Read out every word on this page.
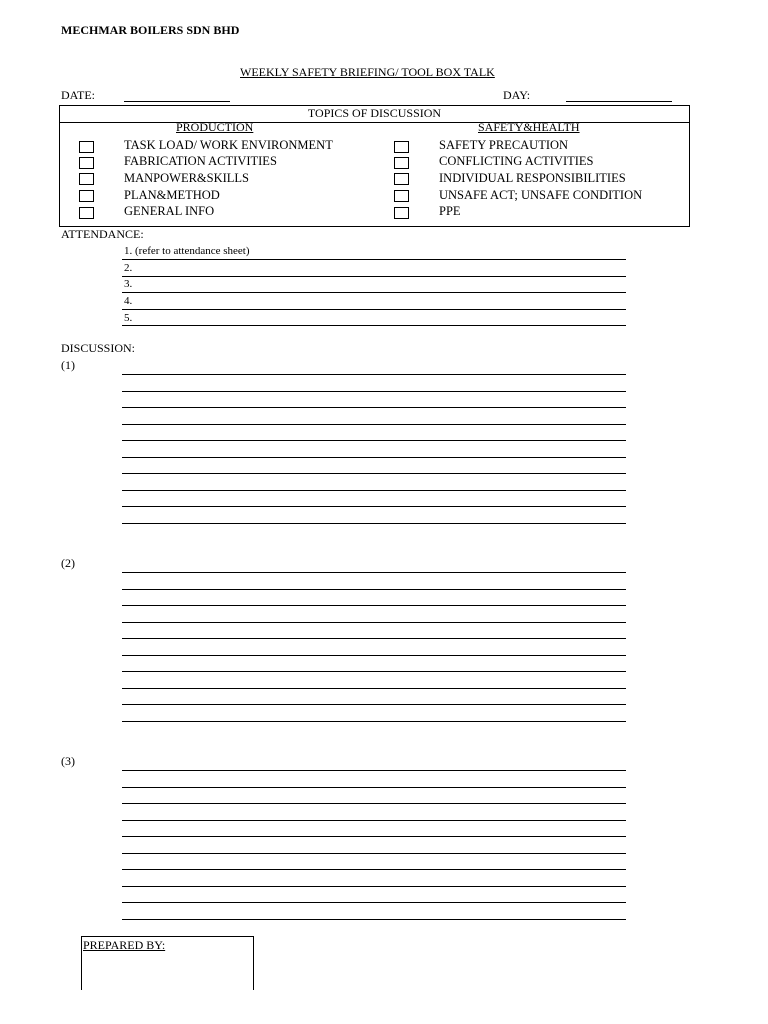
MECHMAR BOILERS SDN BHD
WEEKLY SAFETY BRIEFING/ TOOL BOX TALK
DATE:	DAY:
TOPICS OF DISCUSSION
PRODUCTION	SAFETY&HEALTH
TASK LOAD/ WORK ENVIRONMENT
FABRICATION ACTIVITIES
MANPOWER&SKILLS
PLAN&METHOD
GENERAL INFO
SAFETY PRECAUTION
CONFLICTING ACTIVITIES
INDIVIDUAL RESPONSIBILITIES
UNSAFE ACT; UNSAFE CONDITION
PPE
ATTENDANCE:
1. (refer to attendance sheet)
2.
3.
4.
5.
DISCUSSION:
(1)
(2)
(3)
PREPARED BY:
